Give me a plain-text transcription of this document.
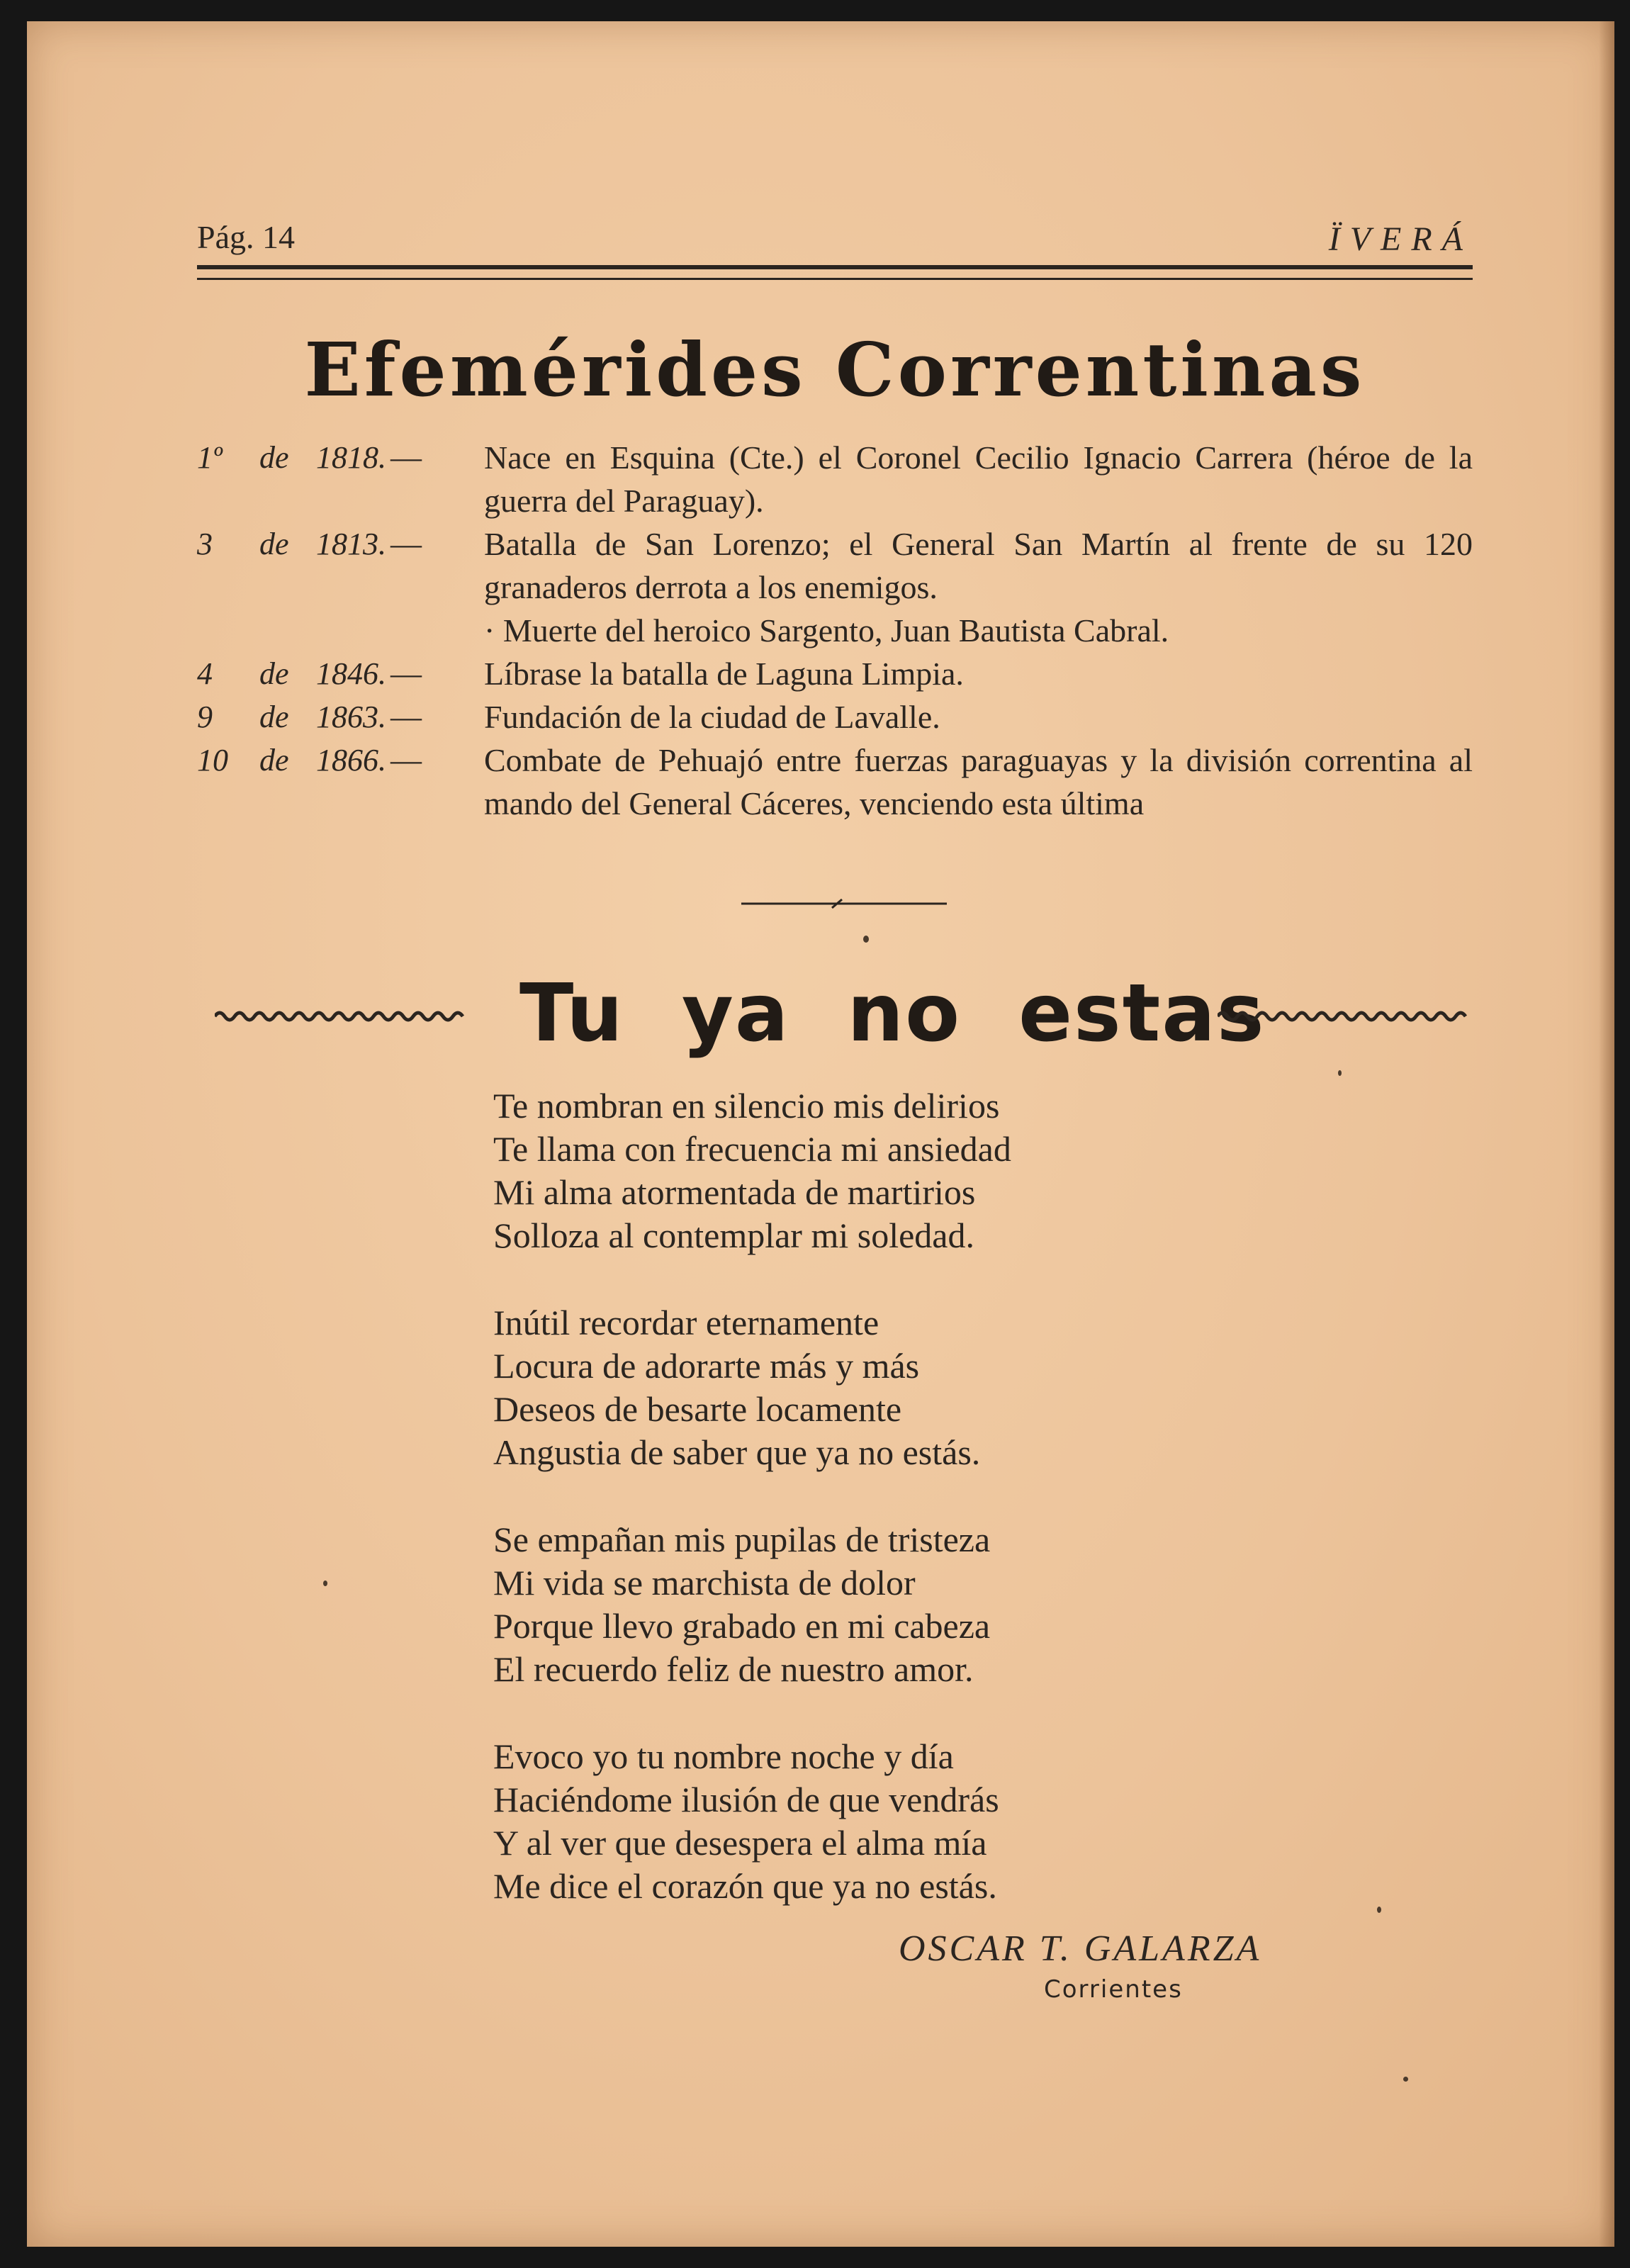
Pág. 14	ÏVERÁ
Efemérides Correntinas
1º de 1818. —	Nace en Esquina (Cte.) el Coronel Cecilio Ignacio Carrera (héroe de la guerra del Paraguay).
3 de 1813. —	Batalla de San Lorenzo; el General San Martín al frente de su 120 granaderos derrota a los enemigos.
· Muerte del heroico Sargento, Juan Bautista Cabral.
4 de 1846. —	Líbrase la batalla de Laguna Limpia.
9 de 1863. —	Fundación de la ciudad de Lavalle.
10 de 1866. —	Combate de Pehuajó entre fuerzas paraguayas y la división correntina al mando del General Cáceres, venciendo esta última
Tu ya no estas
Te nombran en silencio mis delirios
Te llama con frecuencia mi ansiedad
Mi alma atormentada de martirios
Solloza al contemplar mi soledad.
Inútil recordar eternamente
Locura de adorarte más y más
Deseos de besarte locamente
Angustia de saber que ya no estás.
Se empañan mis pupilas de tristeza
Mi vida se marchista de dolor
Porque llevo grabado en mi cabeza
El recuerdo feliz de nuestro amor.
Evoco yo tu nombre noche y día
Haciéndome ilusión de que vendrás
Y al ver que desespera el alma mía
Me dice el corazón que ya no estás.
OSCAR T. GALARZA
Corrientes
